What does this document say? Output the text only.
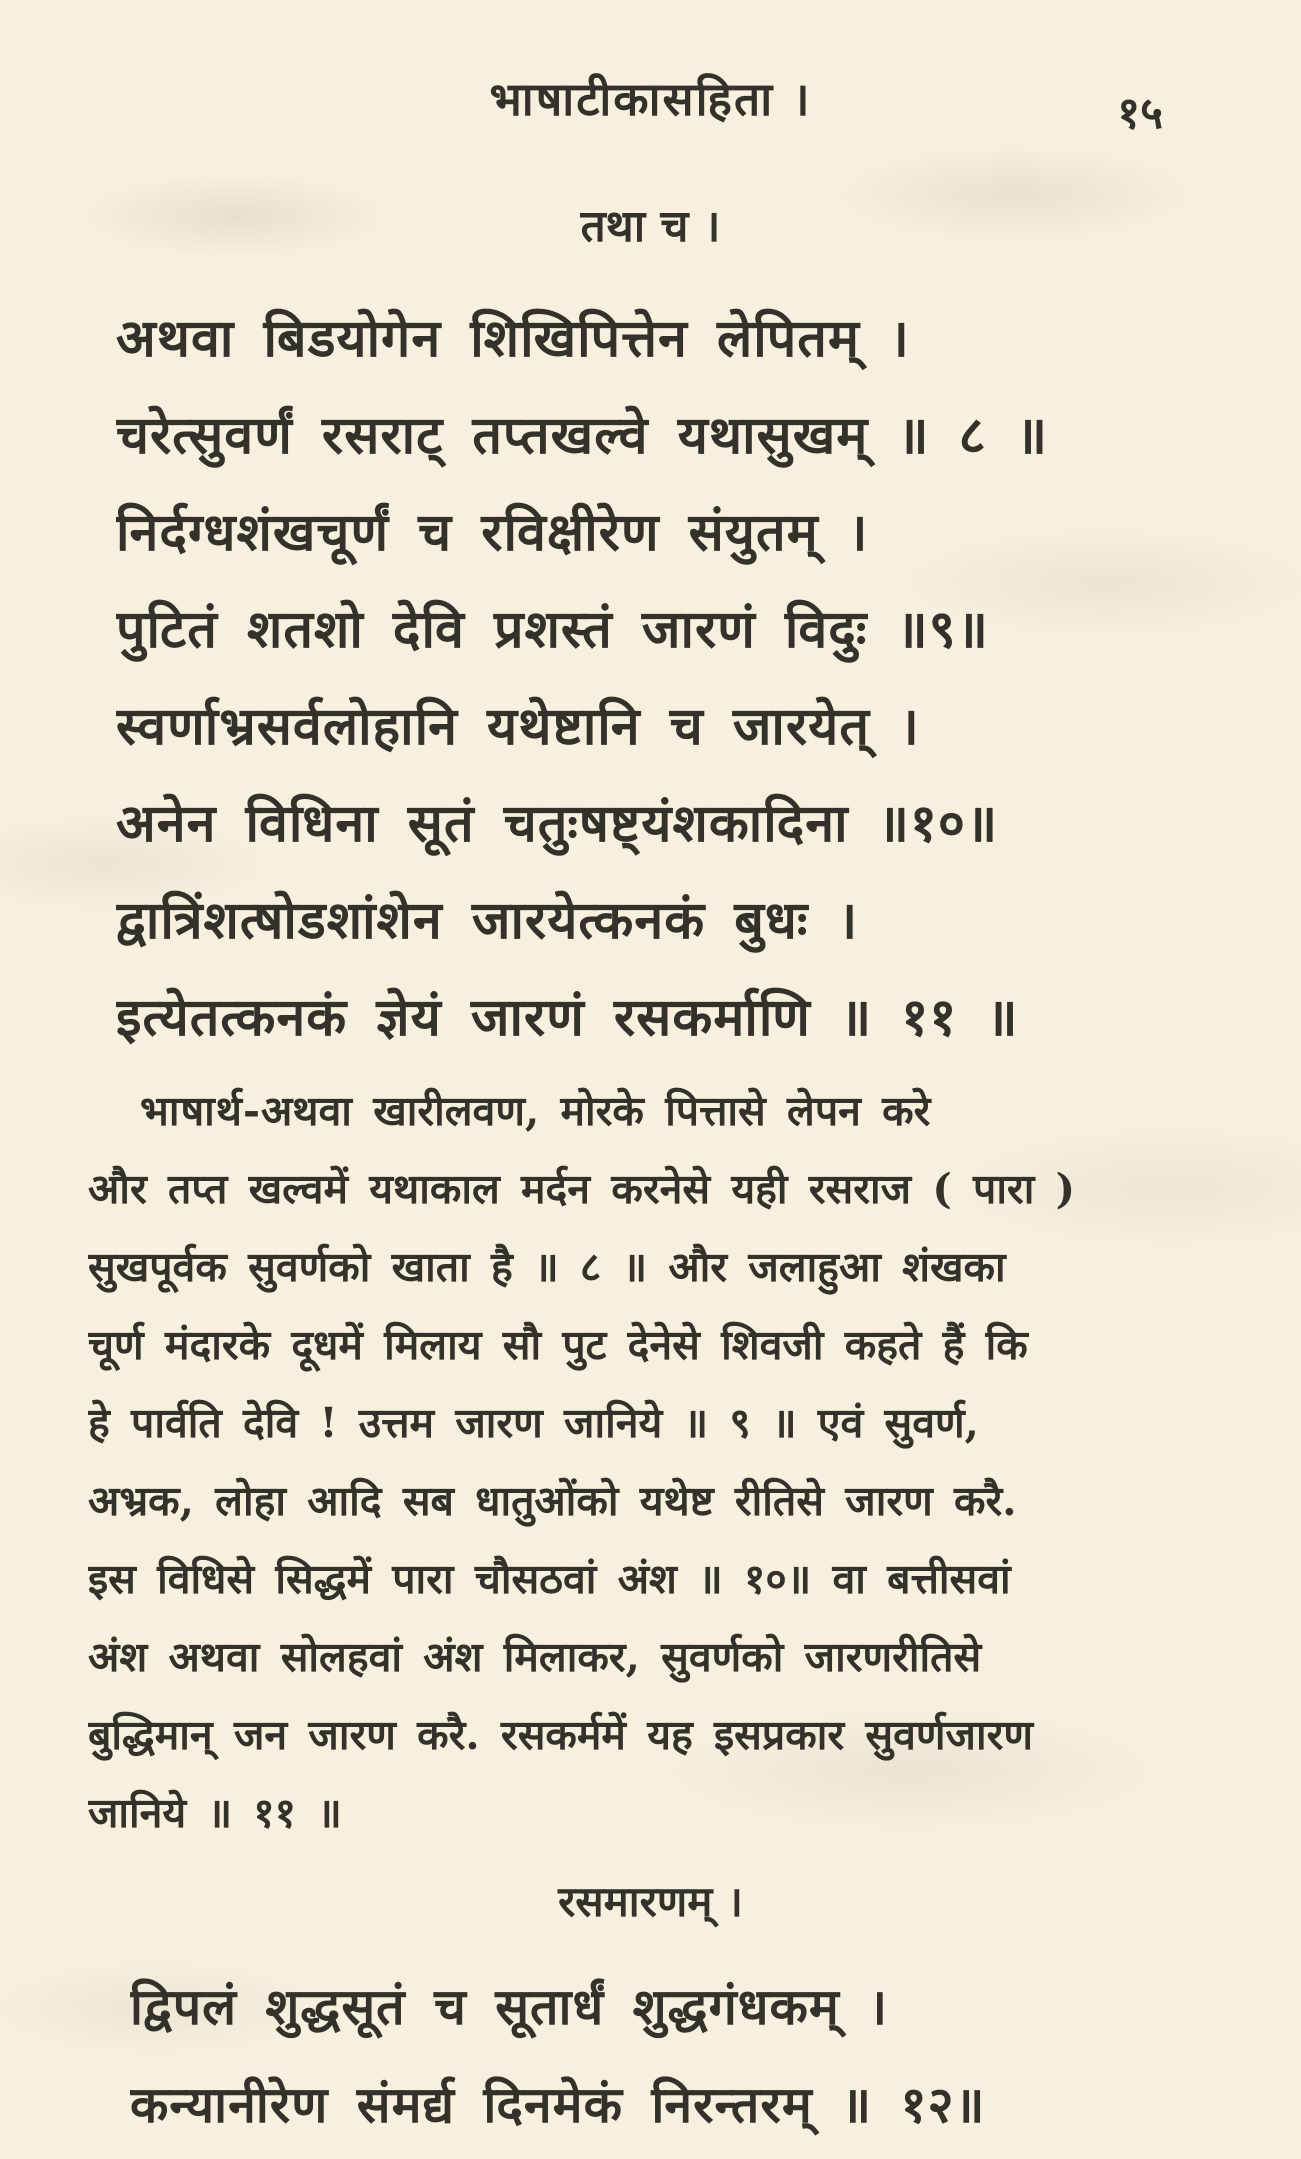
भाषाटीकासहिता ।	१५
तथा च ।
अथवा बिडयोगेन शिखिपित्तेन लेपितम् ।
चरेत्सुवर्णं रसराट् तप्तखल्वे यथासुखम् ॥ ८ ॥
निर्दग्धशंखचूर्णं च रविक्षीरेण संयुतम् ।
पुटितं शतशो देवि प्रशस्तं जारणं विदुः ॥९॥
स्वर्णाभ्रसर्वलोहानि यथेष्टानि च जारयेत् ।
अनेन विधिना सूतं चतुःषष्ट्यंशकादिना ॥१०॥
द्वात्रिंशत्षोडशांशेन जारयेत्कनकं बुधः ।
इत्येतत्कनकं ज्ञेयं जारणं रसकर्माणि ॥ ११ ॥
भाषार्थ-अथवा खारीलवण, मोरके पित्तासे लेपन करे
और तप्त खल्वमें यथाकाल मर्दन करनेसे यही रसराज ( पारा )
सुखपूर्वक सुवर्णको खाता है ॥ ८ ॥ और जलाहुआ शंखका
चूर्ण मंदारके दूधमें मिलाय सौ पुट देनेसे शिवजी कहते हैं कि
हे पार्वति देवि ! उत्तम जारण जानिये ॥ ९ ॥ एवं सुवर्ण,
अभ्रक, लोहा आदि सब धातुओंको यथेष्ट रीतिसे जारण करै.
इस विधिसे सिद्धमें पारा चौसठवां अंश ॥ १०॥ वा बत्तीसवां
अंश अथवा सोलहवां अंश मिलाकर, सुवर्णको जारणरीतिसे
बुद्धिमान् जन जारण करै. रसकर्ममें यह इसप्रकार सुवर्णजारण
जानिये ॥ ११ ॥
रसमारणम् ।
द्विपलं शुद्धसूतं च सूतार्धं शुद्धगंधकम् ।
कन्यानीरेण संमर्द्य दिनमेकं निरन्तरम् ॥ १२॥
